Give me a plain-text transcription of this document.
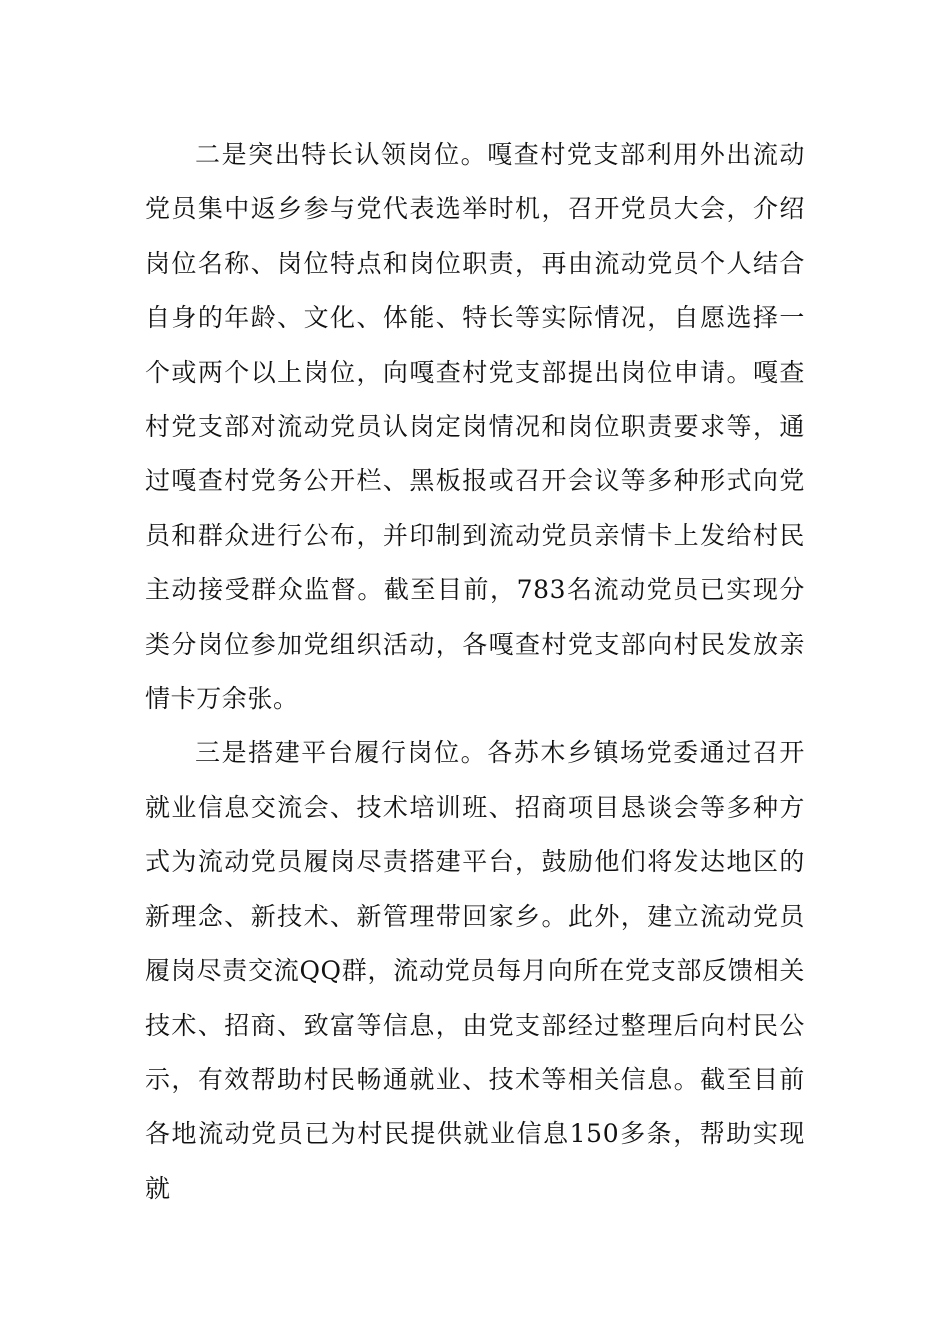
二是突出特长认领岗位。嘎查村党支部利用外出流动党员集中返乡参与党代表选举时机，召开党员大会，介绍岗位名称、岗位特点和岗位职责，再由流动党员个人结合自身的年龄、文化、体能、特长等实际情况，自愿选择一个或两个以上岗位，向嘎查村党支部提出岗位申请。嘎查村党支部对流动党员认岗定岗情况和岗位职责要求等，通过嘎查村党务公开栏、黑板报或召开会议等多种形式向党员和群众进行公布，并印制到流动党员亲情卡上发给村民主动接受群众监督。截至目前，783名流动党员已实现分类分岗位参加党组织活动，各嘎查村党支部向村民发放亲情卡万余张。

三是搭建平台履行岗位。各苏木乡镇场党委通过召开就业信息交流会、技术培训班、招商项目恳谈会等多种方式为流动党员履岗尽责搭建平台，鼓励他们将发达地区的新理念、新技术、新管理带回家乡。此外，建立流动党员履岗尽责交流QQ群，流动党员每月向所在党支部反馈相关技术、招商、致富等信息，由党支部经过整理后向村民公示，有效帮助村民畅通就业、技术等相关信息。截至目前各地流动党员已为村民提供就业信息150多条，帮助实现就
